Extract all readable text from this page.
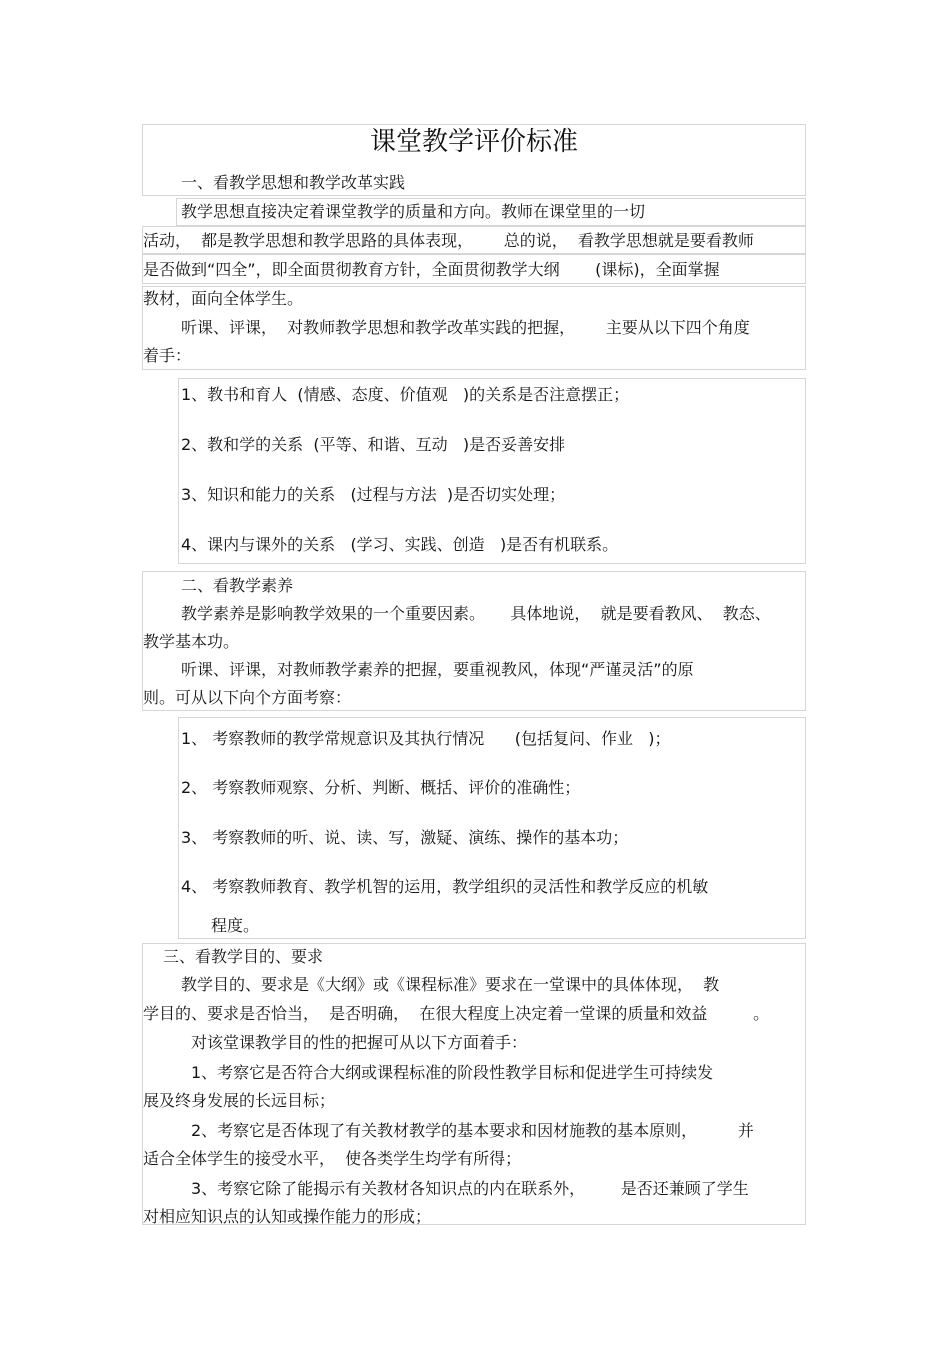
课堂教学评价标准
一、看教学思想和教学改革实践
教学思想直接决定着课堂教学的质量和方向。教师在课堂里的一切
活动，  都是教学思想和教学思路的具体表现，      总的说，  看教学思想就是要看教师
是否做到“四全”，即全面贯彻教育方针，全面贯彻教学大纲       (课标)，全面掌握
教材，面向全体学生。
听课、评课，  对教师教学思想和教学改革实践的把握，      主要从以下四个角度
着手：
1、教书和育人  (情感、态度、价值观   )的关系是否注意摆正；
2、教和学的关系  (平等、和谐、互动   )是否妥善安排
3、知识和能力的关系   (过程与方法  )是否切实处理；
4、课内与课外的关系   (学习、实践、创造   )是否有机联系。
二、看教学素养
教学素养是影响教学效果的一个重要因素。     具体地说，  就是要看教风、  教态、
教学基本功。
听课、评课，对教师教学素养的把握，要重视教风，体现“严谨灵活”的原
则。可从以下向个方面考察：
1、 考察教师的教学常规意识及其执行情况      (包括复问、作业   )；
2、 考察教师观察、分析、判断、概括、评价的准确性；
3、 考察教师的听、说、读、写，激疑、演练、操作的基本功；
4、 考察教师教育、教学机智的运用，教学组织的灵活性和教学反应的机敏
程度。
三、看教学目的、要求
教学目的、要求是《大纲》或《课程标准》要求在一堂课中的具体体现，  教
学目的、要求是否恰当，  是否明确，  在很大程度上决定着一堂课的质量和效益         。
对该堂课教学目的性的把握可从以下方面着手：
1、考察它是否符合大纲或课程标准的阶段性教学目标和促进学生可持续发
展及终身发展的长远目标；
2、考察它是否体现了有关教材教学的基本要求和因材施教的基本原则，        并
适合全体学生的接受水平，  使各类学生均学有所得；
3、考察它除了能揭示有关教材各知识点的内在联系外，       是否还兼顾了学生
对相应知识点的认知或操作能力的形成；
